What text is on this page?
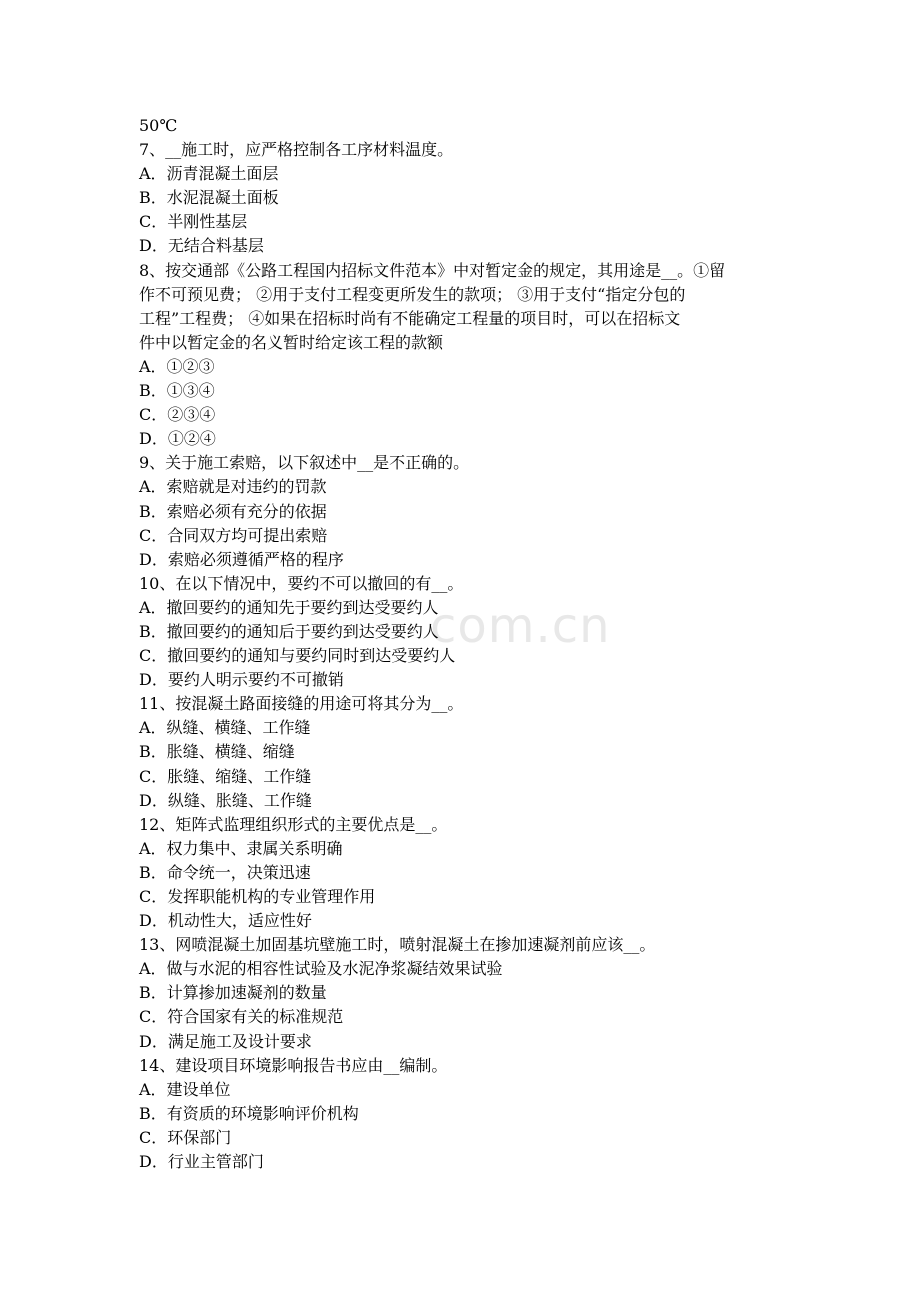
com.cn
50℃
7、__施工时，应严格控制各工序材料温度。
A．沥青混凝土面层
B．水泥混凝土面板
C．半刚性基层
D．无结合料基层
8、按交通部《公路工程国内招标文件范本》中对暂定金的规定，其用途是__。①留
作不可预见费； ②用于支付工程变更所发生的款项； ③用于支付“指定分包的
工程”工程费； ④如果在招标时尚有不能确定工程量的项目时，可以在招标文
件中以暂定金的名义暂时给定该工程的款额
A．①②③
B．①③④
C．②③④
D．①②④
9、关于施工索赔，以下叙述中__是不正确的。
A．索赔就是对违约的罚款
B．索赔必须有充分的依据
C．合同双方均可提出索赔
D．索赔必须遵循严格的程序
10、在以下情况中，要约不可以撤回的有__。
A．撤回要约的通知先于要约到达受要约人
B．撤回要约的通知后于要约到达受要约人
C．撤回要约的通知与要约同时到达受要约人
D．要约人明示要约不可撤销
11、按混凝土路面接缝的用途可将其分为__。
A．纵缝、横缝、工作缝
B．胀缝、横缝、缩缝
C．胀缝、缩缝、工作缝
D．纵缝、胀缝、工作缝
12、矩阵式监理组织形式的主要优点是__。
A．权力集中、隶属关系明确
B．命令统一，决策迅速
C．发挥职能机构的专业管理作用
D．机动性大，适应性好
13、网喷混凝土加固基坑壁施工时，喷射混凝土在掺加速凝剂前应该__。
A．做与水泥的相容性试验及水泥净浆凝结效果试验
B．计算掺加速凝剂的数量
C．符合国家有关的标准规范
D．满足施工及设计要求
14、建设项目环境影响报告书应由__编制。
A．建设单位
B．有资质的环境影响评价机构
C．环保部门
D．行业主管部门
